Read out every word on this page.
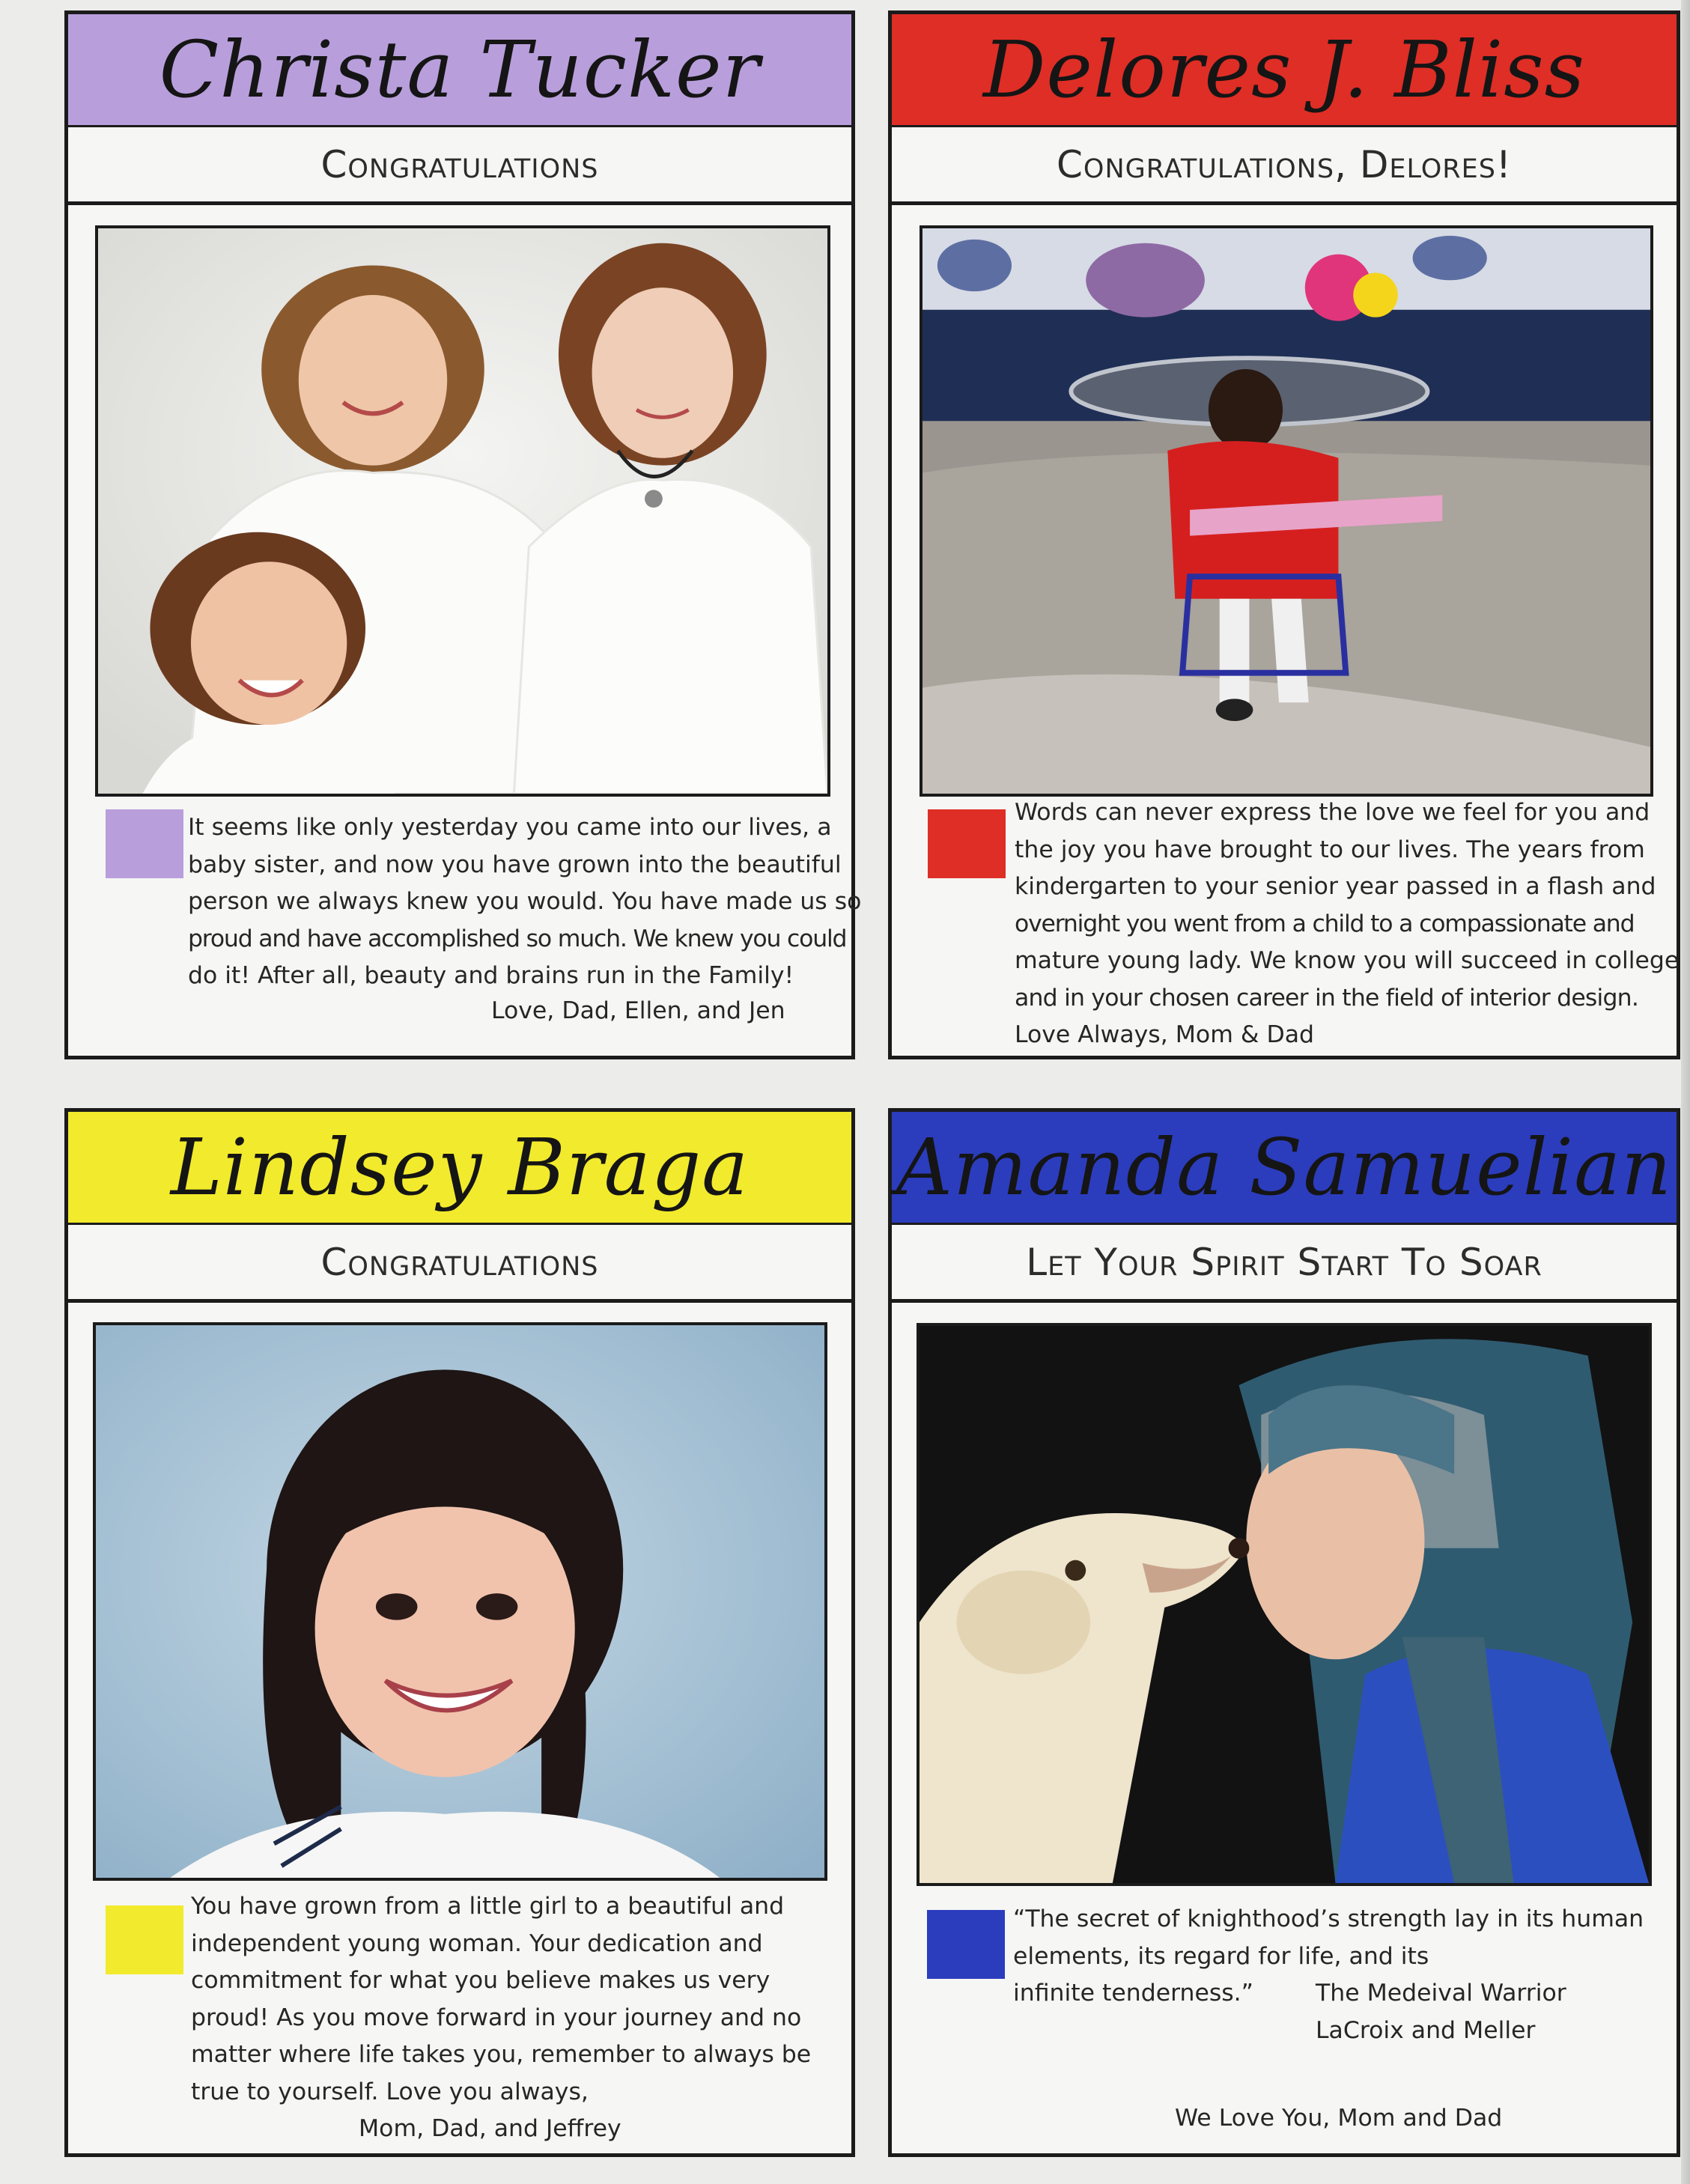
Christa Tucker
Congratulations
It seems like only yesterday you came into our lives, a
baby sister, and now you have grown into the beautiful
person we always knew you would. You have made us so
proud and have accomplished so much. We knew you could
do it! After all, beauty and brains run in the Family!
Love, Dad, Ellen, and Jen
Delores J. Bliss
Congratulations, Delores!
Words can never express the love we feel for you and
the joy you have brought to our lives. The years from
kindergarten to your senior year passed in a flash and
overnight you went from a child to a compassionate and
mature young lady. We know you will succeed in college
and in your chosen career in the field of interior design.
Love Always, Mom & Dad
Lindsey Braga
Congratulations
You have grown from a little girl to a beautiful and
independent young woman. Your dedication and
commitment for what you believe makes us very
proud! As you move forward in your journey and no
matter where life takes you, remember to always be
true to yourself. Love you always,
Mom, Dad, and Jeffrey
Amanda Samuelian
Let Your Spirit Start To Soar
“The secret of knighthood’s strength lay in its human
elements, its regard for life, and its
infinite tenderness.”	The Medeival Warrior
LaCroix and Meller
We Love You, Mom and Dad
